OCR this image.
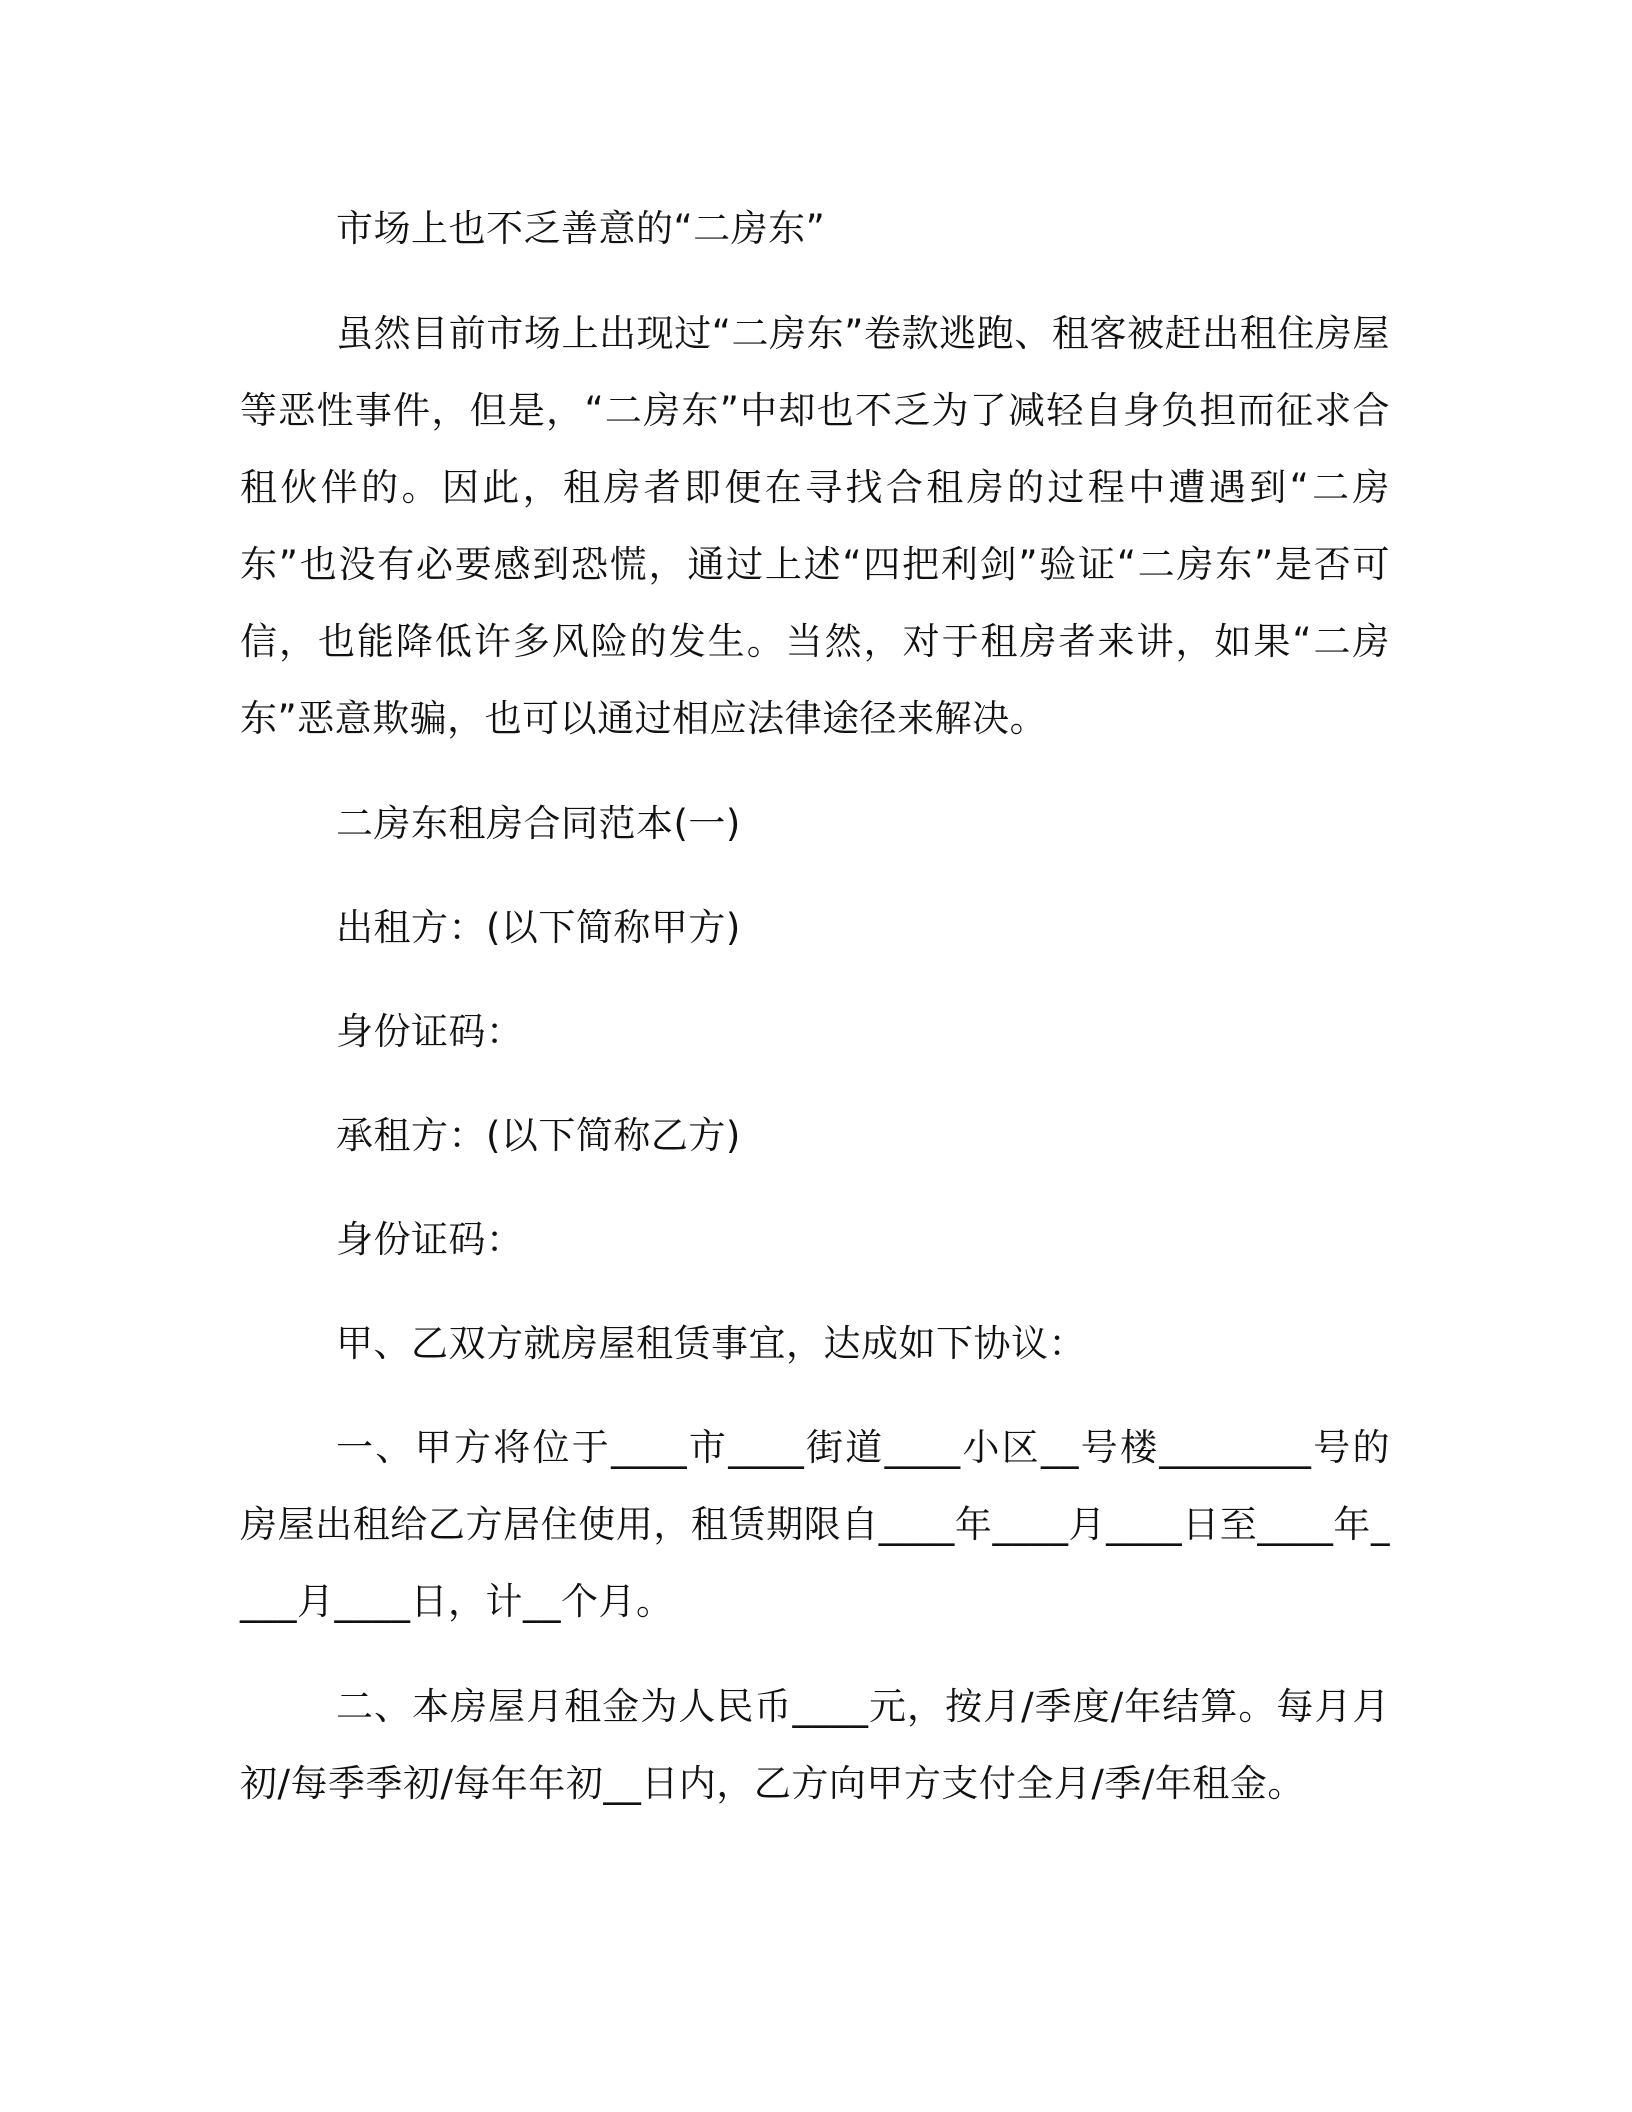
市场上也不乏善意的“二房东”

虽然目前市场上出现过“二房东”卷款逃跑、租客被赶出租住房屋等恶性事件，但是，“二房东”中却也不乏为了减轻自身负担而征求合租伙伴的。因此，租房者即便在寻找合租房的过程中遭遇到“二房东”也没有必要感到恐慌，通过上述“四把利剑”验证“二房东”是否可信，也能降低许多风险的发生。当然，对于租房者来讲，如果“二房东”恶意欺骗，也可以通过相应法律途径来解决。

二房东租房合同范本(一)

出租方：(以下简称甲方)

身份证码：

承租方：(以下简称乙方)

身份证码：

甲、乙双方就房屋租赁事宜，达成如下协议：

一、甲方将位于____市____街道____小区__号楼________号的房屋出租给乙方居住使用，租赁期限自____年____月____日至____年____月____日，计__个月。

二、本房屋月租金为人民币____元，按月/季度/年结算。每月月初/每季季初/每年年初__日内，乙方向甲方支付全月/季/年租金。
